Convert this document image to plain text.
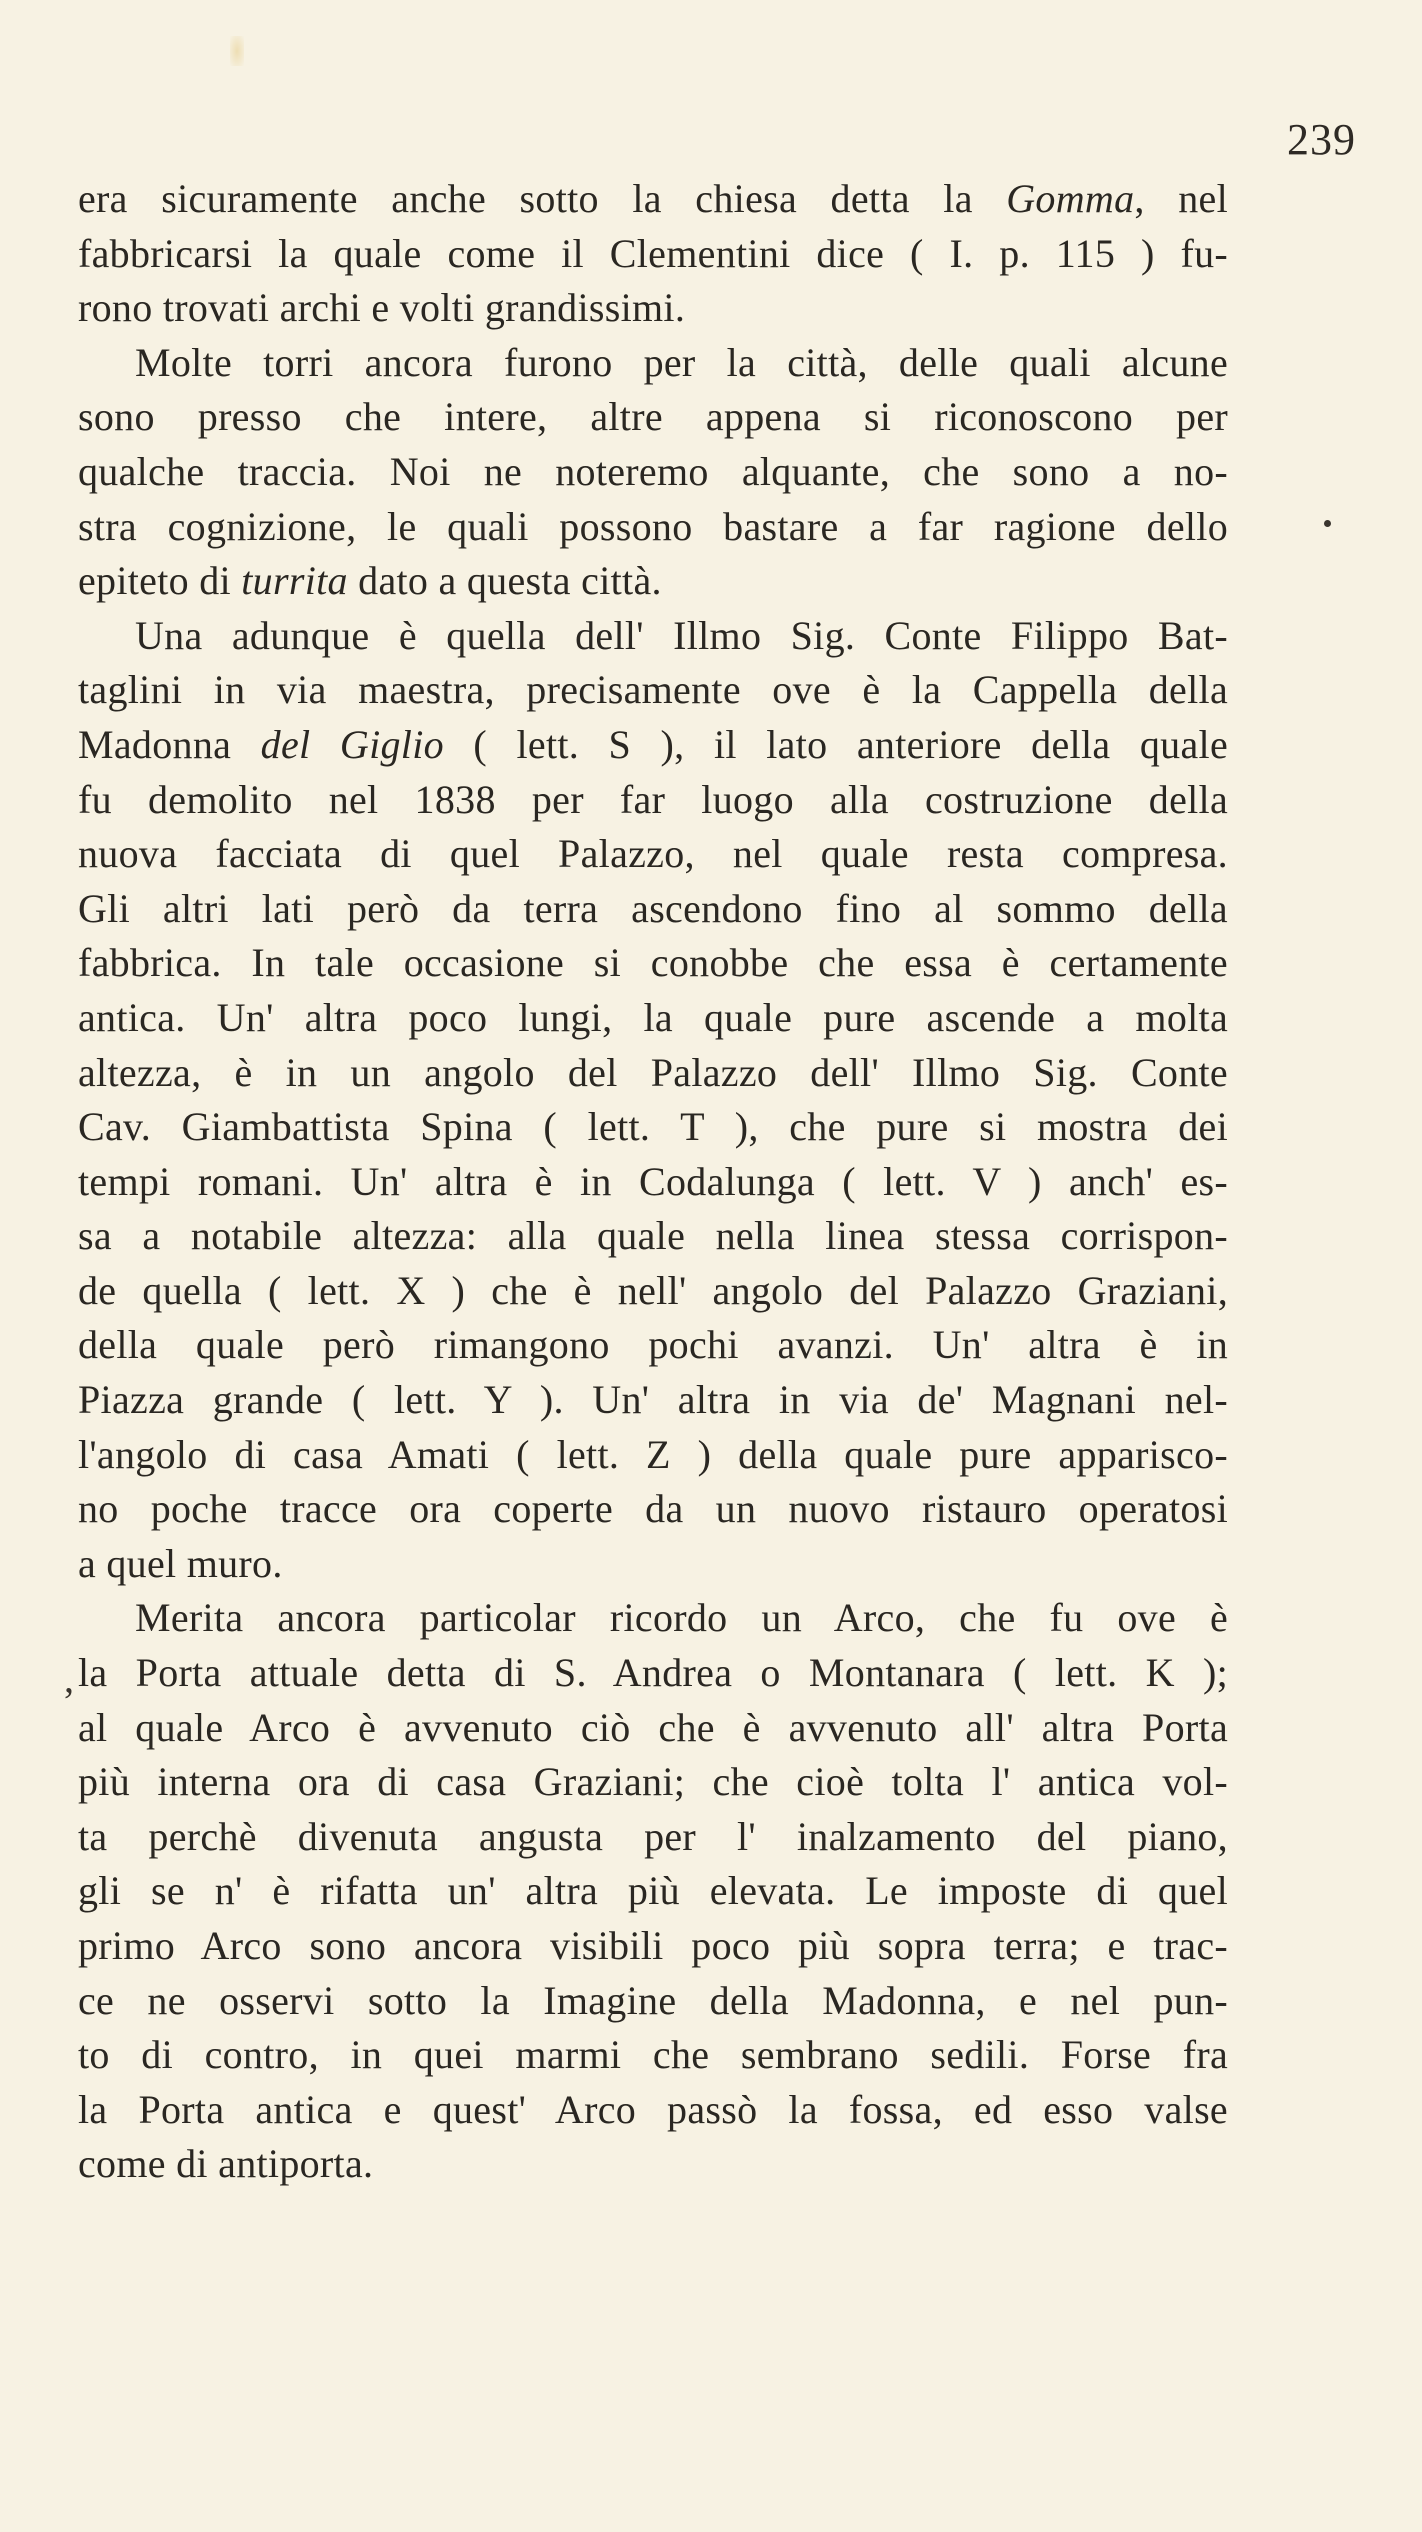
239
era sicuramente anche sotto la chiesa detta la Gomma, nel
fabbricarsi la quale come il Clementini dice ( I. p. 115 ) fu-
rono trovati archi e volti grandissimi.
Molte torri ancora furono per la città, delle quali alcune
sono presso che intere, altre appena si riconoscono per
qualche traccia. Noi ne noteremo alquante, che sono a no-
stra cognizione, le quali possono bastare a far ragione dello
epiteto di turrita dato a questa città.
Una adunque è quella dell' Illmo Sig. Conte Filippo Bat-
taglini in via maestra, precisamente ove è la Cappella della
Madonna del Giglio ( lett. S ), il lato anteriore della quale
fu demolito nel 1838 per far luogo alla costruzione della
nuova facciata di quel Palazzo, nel quale resta compresa.
Gli altri lati però da terra ascendono fino al sommo della
fabbrica. In tale occasione si conobbe che essa è certamente
antica. Un' altra poco lungi, la quale pure ascende a molta
altezza, è in un angolo del Palazzo dell' Illmo Sig. Conte
Cav. Giambattista Spina ( lett. T ), che pure si mostra dei
tempi romani. Un' altra è in Codalunga ( lett. V ) anch' es-
sa a notabile altezza: alla quale nella linea stessa corrispon-
de quella ( lett. X ) che è nell' angolo del Palazzo Graziani,
della quale però rimangono pochi avanzi. Un' altra è in
Piazza grande ( lett. Y ). Un' altra in via de' Magnani nel-
l'angolo di casa Amati ( lett. Z ) della quale pure apparisco-
no poche tracce ora coperte da un nuovo ristauro operatosi
a quel muro.
Merita ancora particolar ricordo un Arco, che fu ove è
la Porta attuale detta di S. Andrea o Montanara ( lett. K );
al quale Arco è avvenuto ciò che è avvenuto all' altra Porta
più interna ora di casa Graziani; che cioè tolta l' antica vol-
ta perchè divenuta angusta per l' inalzamento del piano,
gli se n' è rifatta un' altra più elevata. Le imposte di quel
primo Arco sono ancora visibili poco più sopra terra; e trac-
ce ne osservi sotto la Imagine della Madonna, e nel pun-
to di contro, in quei marmi che sembrano sedili. Forse fra
la Porta antica e quest' Arco passò la fossa, ed esso valse
come di antiporta.
,
